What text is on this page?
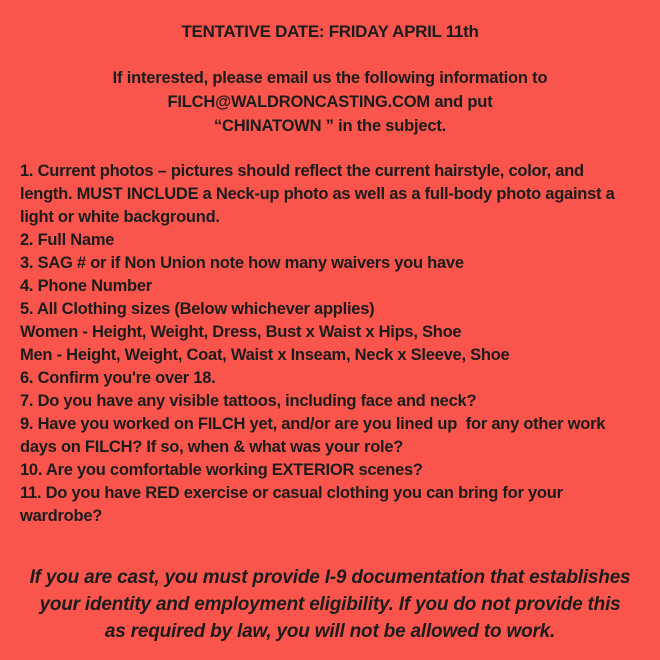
TENTATIVE DATE: FRIDAY APRIL 11th
If interested, please email us the following information to
FILCH@WALDRONCASTING.COM and put
“CHINATOWN ” in the subject.
1. Current photos – pictures should reflect the current hairstyle, color, and length. MUST INCLUDE a Neck-up photo as well as a full-body photo against a light or white background.
2. Full Name
3. SAG # or if Non Union note how many waivers you have
4. Phone Number
5. All Clothing sizes (Below whichever applies)
Women - Height, Weight, Dress, Bust x Waist x Hips, Shoe
Men - Height, Weight, Coat, Waist x Inseam, Neck x Sleeve, Shoe
6. Confirm you're over 18.
7. Do you have any visible tattoos, including face and neck?
9. Have you worked on FILCH yet, and/or are you lined up  for any other work days on FILCH? If so, when & what was your role?
10. Are you comfortable working EXTERIOR scenes?
11. Do you have RED exercise or casual clothing you can bring for your wardrobe?
If you are cast, you must provide I-9 documentation that establishes your identity and employment eligibility. If you do not provide this as required by law, you will not be allowed to work.
